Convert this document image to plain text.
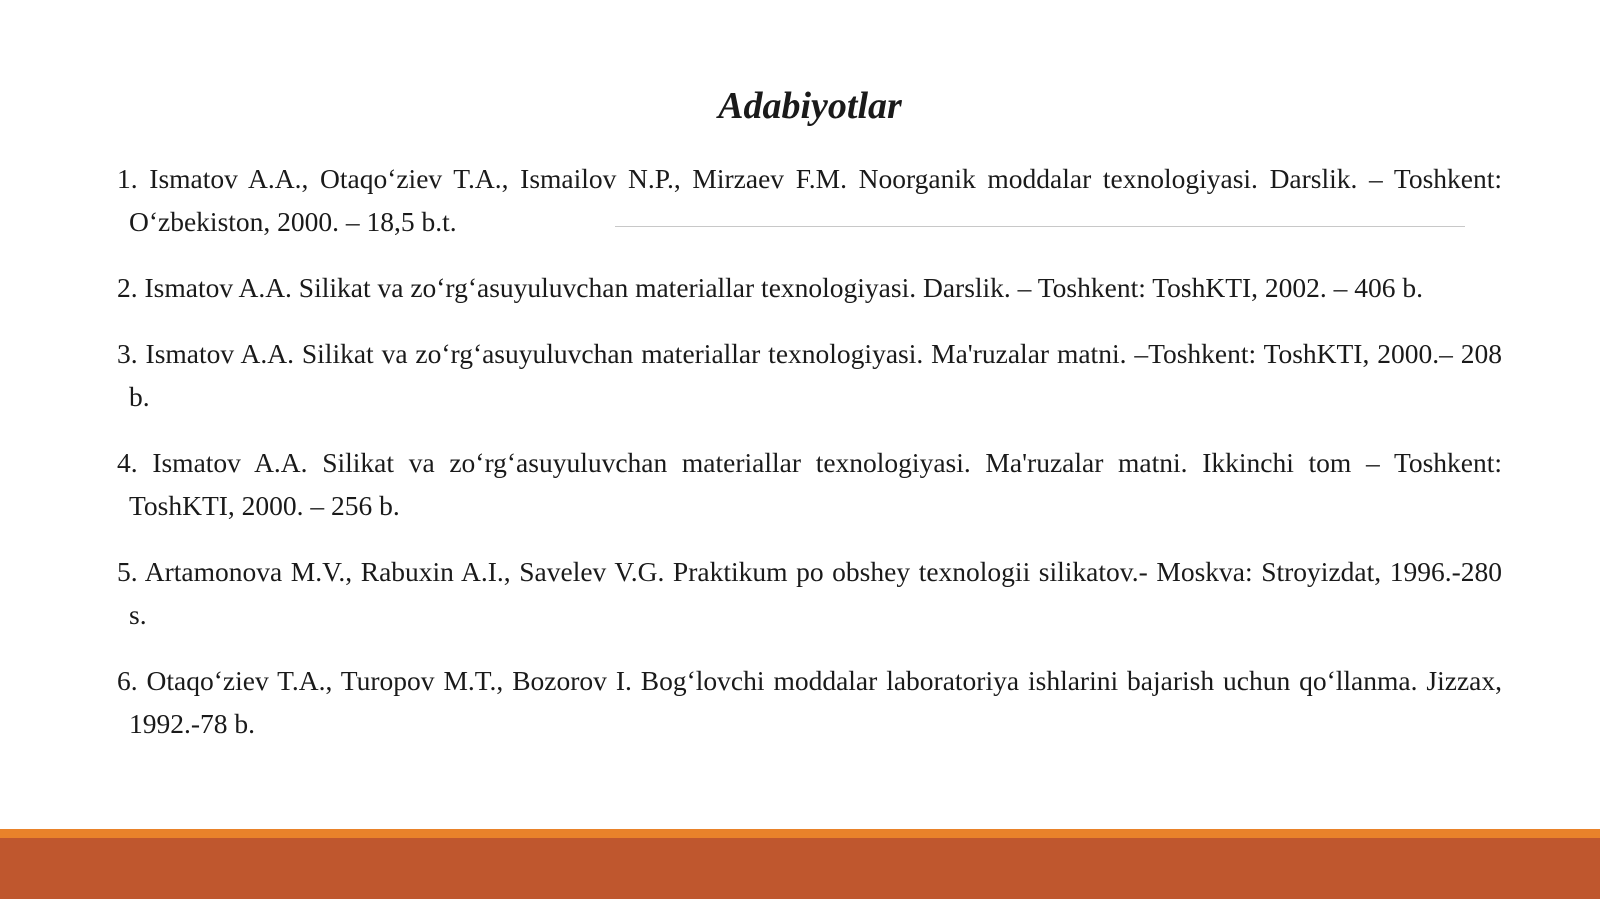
Adabiyotlar
1. Ismatov A.A., Otaqo‘ziev T.A., Ismailov N.P., Mirzaev F.M. Noorganik moddalar texnologiyasi. Darslik. – Toshkent: O‘zbekiston, 2000. – 18,5 b.t.
2. Ismatov A.A. Silikat va zo‘rg‘asuyuluvchan materiallar texnologiyasi. Darslik. – Toshkent: ToshKTI, 2002. – 406 b.
3. Ismatov A.A. Silikat va zo‘rg‘asuyuluvchan materiallar texnologiyasi. Ma'ruzalar matni. –Toshkent: ToshKTI, 2000.– 208 b.
4. Ismatov A.A. Silikat va zo‘rg‘asuyuluvchan materiallar texnologiyasi. Ma'ruzalar matni. Ikkinchi tom – Toshkent: ToshKTI, 2000. – 256 b.
5. Artamonova M.V., Rabuxin A.I., Savelev V.G. Praktikum po obshey texnologii silikatov.- Moskva: Stroyizdat, 1996.-280 s.
6. Otaqo‘ziev T.A., Turopov M.T., Bozorov I. Bog‘lovchi moddalar laboratoriya ishlarini bajarish uchun qo‘llanma. Jizzax, 1992.-78 b.
